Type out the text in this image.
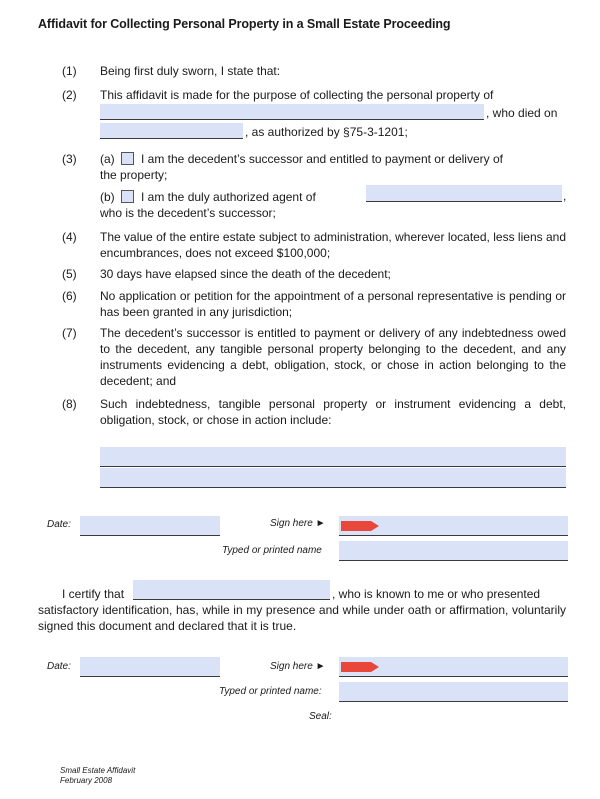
Affidavit for Collecting Personal Property in a Small Estate Proceeding
(1) Being first duly sworn, I state that:
(2) This affidavit is made for the purpose of collecting the personal property of
, who died on
, as authorized by §75-3-1201;
(3) (a) I am the decedent’s successor and entitled to payment or delivery of
the property;
(b) I am the duly authorized agent of	,
who is the decedent’s successor;
(4) The value of the entire estate subject to administration, wherever located, less liens and encumbrances, does not exceed $100,000;
(5) 30 days have elapsed since the death of the decedent;
(6) No application or petition for the appointment of a personal representative is pending or has been granted in any jurisdiction;
(7) The decedent’s successor is entitled to payment or delivery of any indebtedness owed to the decedent, any tangible personal property belonging to the decedent, and any instruments evidencing a debt, obligation, stock, or chose in action belonging to the decedent; and
(8) Such indebtedness, tangible personal property or instrument evidencing a debt, obligation, stock, or chose in action include:
Date:	Sign here ►
Typed or printed name
I certify that	, who is known to me or who presented
satisfactory identification, has, while in my presence and while under oath or affirmation, voluntarily signed this document and declared that it is true.
Date:	Sign here ►
Typed or printed name:
Seal:
Small Estate Affidavit
February 2008
